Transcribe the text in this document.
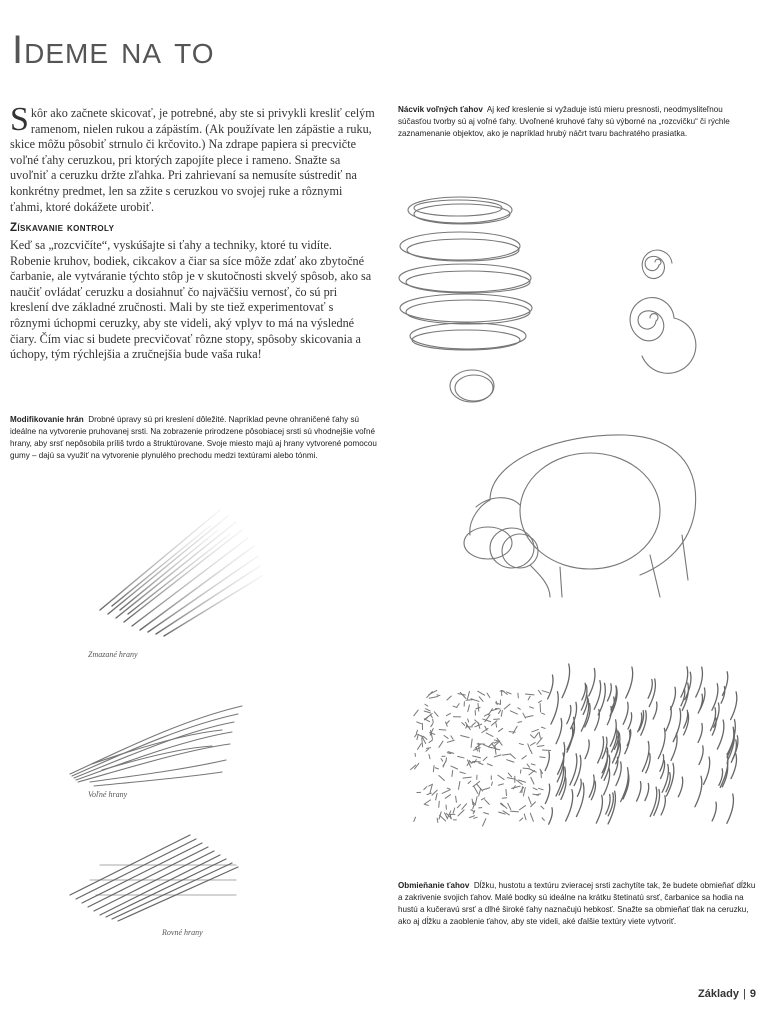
Ideme na to

Skôr ako začnete skicovať, je potrebné, aby ste si privykli kresliť celým ramenom, nielen rukou a zápästím. (Ak používate len zápästie a ruku, skice môžu pôsobiť strnulo či krčovito.) Na zdrape papiera si precvičte voľné ťahy ceruzkou, pri ktorých zapojíte plece i rameno. Snažte sa uvoľniť a ceruzku držte zľahka. Pri zahrievaní sa nemusíte sústrediť na konkrétny predmet, len sa zžite s ceruzkou vo svojej ruke a rôznymi ťahmi, ktoré dokážete urobiť.

Získavanie kontroly

Keď sa „rozcvičíte“, vyskúšajte si ťahy a techniky, ktoré tu vidíte. Robenie kruhov, bodiek, cikcakov a čiar sa síce môže zdať ako zbytočné čarbanie, ale vytváranie týchto stôp je v skutočnosti skvelý spôsob, ako sa naučiť ovládať ceruzku a dosiahnuť čo najväčšiu vernosť, čo sú pri kreslení dve základné zručnosti. Mali by ste tiež experimentovať s rôznymi úchopmi ceruzky, aby ste videli, aký vplyv to má na výsledné čiary. Čím viac si budete precvičovať rôzne stopy, spôsoby skicovania a úchopy, tým rýchlejšia a zručnejšia bude vaša ruka!

Modifikovanie hrán Drobné úpravy sú pri kreslení dôležité. Napríklad pevne ohraničené ťahy sú ideálne na vytvorenie pruhovanej srsti. Na zobrazenie prirodzene pôsobiacej srsti sú vhodnejšie voľné hrany, aby srsť nepôsobila príliš tvrdo a štruktúrovane. Svoje miesto majú aj hrany vytvorené pomocou gumy – dajú sa využiť na vytvorenie plynulého prechodu medzi textúrami alebo tónmi.

Nácvik voľných ťahov Aj keď kreslenie si vyžaduje istú mieru presnosti, neodmysliteľnou súčasťou tvorby sú aj voľné ťahy. Uvoľnené kruhové ťahy sú výborné na „rozcvičku“ či rýchle zaznamenanie objektov, ako je napríklad hrubý náčrt tvaru bachratého prasiatka.

Obmieňanie ťahov Dĺžku, hustotu a textúru zvieracej srsti zachytíte tak, že budete obmieňať dĺžku a zakrivenie svojich ťahov. Malé bodky sú ideálne na krátku štetinatú srsť, čarbanice sa hodia na hustú a kučeravú srsť a dlhé široké ťahy naznačujú hebkosť. Snažte sa obmieňať tlak na ceruzku, ako aj dĺžku a zaoblenie ťahov, aby ste videli, aké ďalšie textúry viete vytvoriť.

Zmazané hrany
Voľné hrany
Rovné hrany
Základy | 9
